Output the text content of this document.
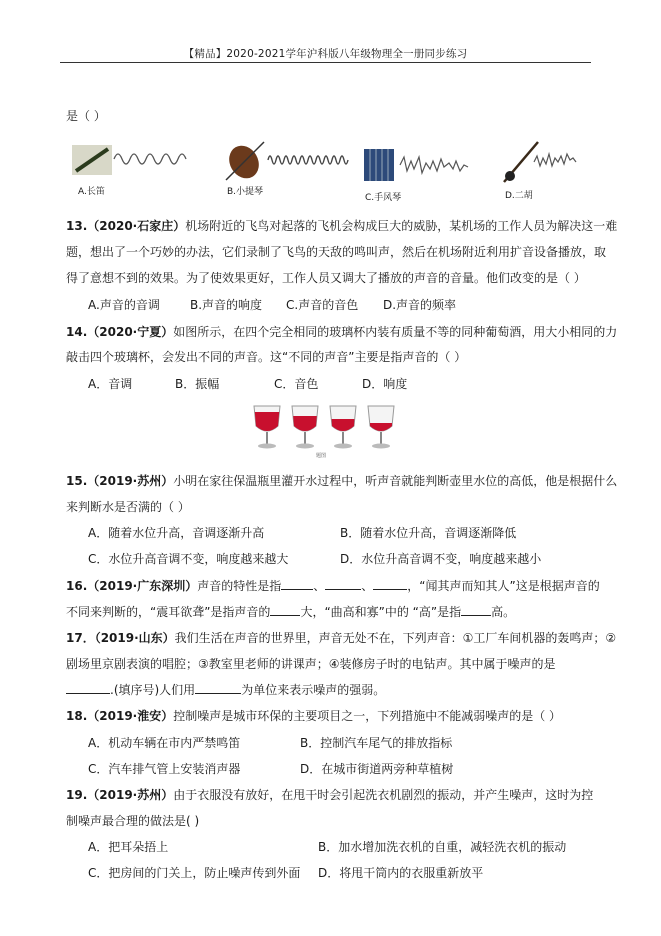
【精品】2020-2021学年沪科版八年级物理全一册同步练习
是（ ）
A.长笛	B.小提琴
C.手风琴	D.二胡
13.（2020·石家庄）机场附近的飞鸟对起落的飞机会构成巨大的威胁，某机场的工作人员为解决这一难
题，想出了一个巧妙的办法，它们录制了飞鸟的天敌的鸣叫声，然后在机场附近利用扩音设备播放，取
得了意想不到的效果。为了使效果更好，工作人员又调大了播放的声音的音量。他们改变的是（ ）
A.声音的音调	B.声音的响度 C.声音的音色 D.声音的频率
14.（2020·宁夏）如图所示，在四个完全相同的玻璃杯内装有质量不等的同种葡萄酒，用大小相同的力
敲击四个玻璃杯，会发出不同的声音。这“不同的声音”主要是指声音的（ ）
A．音调	B．振幅	C．音色	D．响度
题图
15.（2019·苏州）小明在家往保温瓶里灌开水过程中，听声音就能判断壶里水位的高低，他是根据什么
来判断水是否满的（ ）
A．随着水位升高，音调逐渐升高	B．随着水位升高，音调逐渐降低
C．水位升高音调不变，响度越来越大	D．水位升高音调不变，响度越来越小
16.（2019·广东深圳）声音的特性是指	、	、	，“闻其声而知其人”这是根据声音的
不同来判断的，“震耳欲聋”是指声音的	大，“曲高和寡”中的 “高”是指	高。
17．（2019·山东）我们生活在声音的世界里，声音无处不在，下列声音：①工厂车间机器的轰鸣声；②
剧场里京剧表演的唱腔；③教室里老师的讲课声；④装修房子时的电钻声。其中属于噪声的是
.(填序号)人们用	为单位来表示噪声的强弱。
18.（2019·淮安）控制噪声是城市环保的主要项目之一，下列措施中不能减弱噪声的是（ ）
A．机动车辆在市内严禁鸣笛	B．控制汽车尾气的排放指标
C．汽车排气管上安装消声器	D．在城市街道两旁种草植树
19.（2019·苏州）由于衣服没有放好，在甩干时会引起洗衣机剧烈的振动，并产生噪声，这时为控
制噪声最合理的做法是( )
A．把耳朵捂上	B．加水增加洗衣机的自重，减轻洗衣机的振动
C．把房间的门关上，防止噪声传到外面 D．将甩干筒内的衣服重新放平
